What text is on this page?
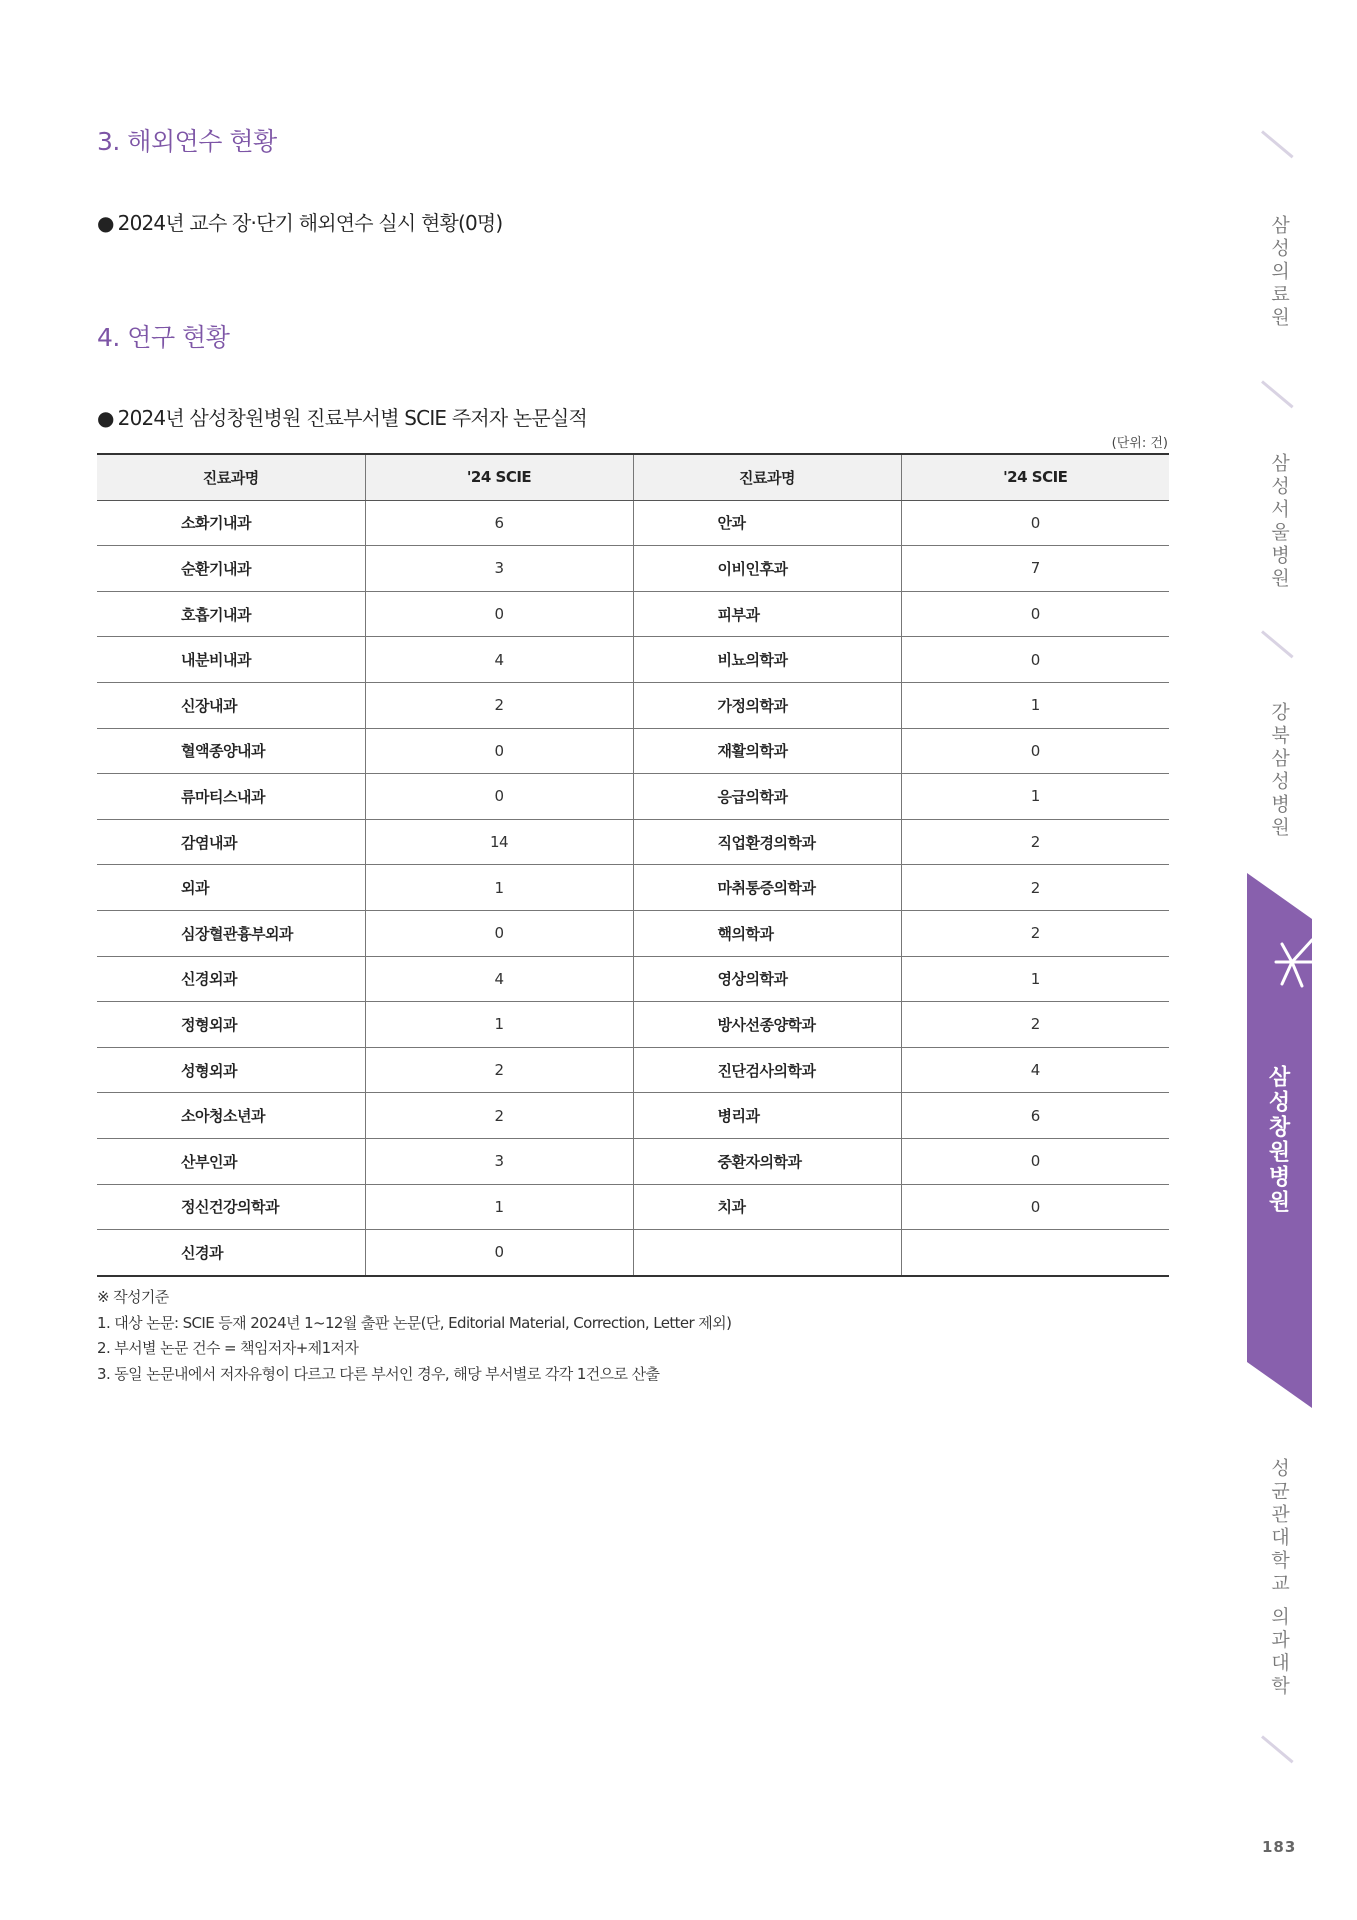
3. 해외연수 현황
● 2024년 교수 장·단기 해외연수 실시 현황(0명)
4. 연구 현황
● 2024년 삼성창원병원 진료부서별 SCIE 주저자 논문실적
(단위: 건)
진료과명	'24 SCIE	진료과명	'24 SCIE
소화기내과	6	안과	0
순환기내과	3	이비인후과	7
호흡기내과	0	피부과	0
내분비내과	4	비뇨의학과	0
신장내과	2	가정의학과	1
혈액종양내과	0	재활의학과	0
류마티스내과	0	응급의학과	1
감염내과	14	직업환경의학과	2
외과	1	마취통증의학과	2
심장혈관흉부외과	0	핵의학과	2
신경외과	4	영상의학과	1
정형외과	1	방사선종양학과	2
성형외과	2	진단검사의학과	4
소아청소년과	2	병리과	6
산부인과	3	중환자의학과	0
정신건강의학과	1	치과	0
신경과	0		
※ 작성기준
1. 대상 논문: SCIE 등재 2024년 1~12월 출판 논문(단, Editorial Material, Correction, Letter 제외)
2. 부서별 논문 건수 = 책임저자+제1저자
3. 동일 논문내에서 저자유형이 다르고 다른 부서인 경우, 해당 부서별로 각각 1건으로 산출
삼성의료원
삼성서울병원
강북삼성병원
삼성창원병원
성균관대학교 의과대학
183
